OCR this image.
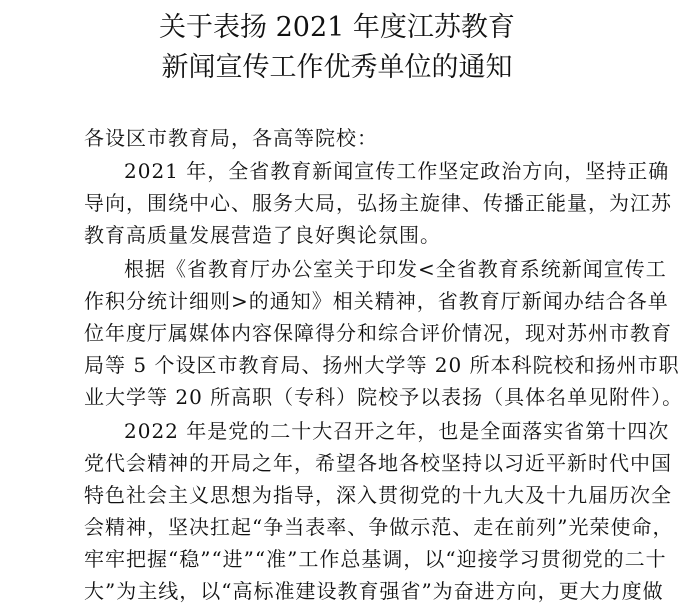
关于表扬 2021 年度江苏教育
新闻宣传工作优秀单位的通知

各设区市教育局，各高等院校：

2021 年，全省教育新闻宣传工作坚定政治方向，坚持正确
导向，围绕中心、服务大局，弘扬主旋律、传播正能量，为江苏
教育高质量发展营造了良好舆论氛围。

根据《省教育厅办公室关于印发<全省教育系统新闻宣传工
作积分统计细则>的通知》相关精神，省教育厅新闻办结合各单
位年度厅属媒体内容保障得分和综合评价情况，现对苏州市教育
局等 5 个设区市教育局、扬州大学等 20 所本科院校和扬州市职
业大学等 20 所高职（专科）院校予以表扬（具体名单见附件）。

2022 年是党的二十大召开之年，也是全面落实省第十四次
党代会精神的开局之年，希望各地各校坚持以习近平新时代中国
特色社会主义思想为指导，深入贯彻党的十九大及十九届历次全
会精神，坚决扛起“争当表率、争做示范、走在前列”光荣使命，
牢牢把握“稳”“进”“准”工作总基调，以“迎接学习贯彻党的二十
大”为主线，以“高标准建设教育强省”为奋进方向，更大力度做
